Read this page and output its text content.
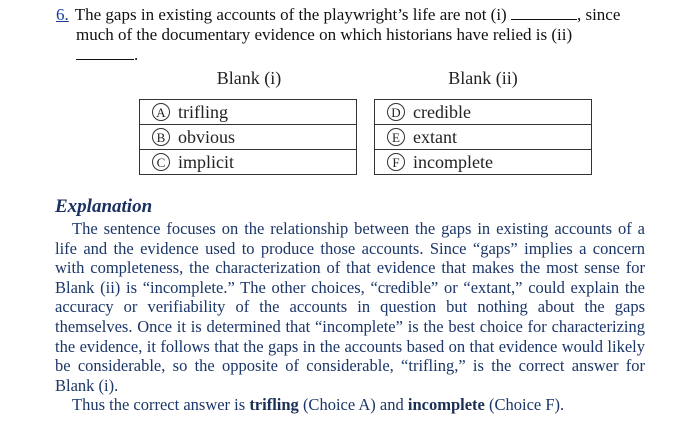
6. The gaps in existing accounts of the playwright’s life are not (i)	, since
much of the documentary evidence on which historians have relied is (ii)
.
Blank (i)	Blank (ii)
A trifling
B obvious
C implicit
D credible
E extant
F incomplete
Explanation

The sentence focuses on the relationship between the gaps in existing accounts of a life and the evidence used to produce those accounts. Since “gaps” implies a concern with completeness, the characterization of that evidence that makes the most sense for Blank (ii) is “incomplete.” The other choices, “credible” or “extant,” could explain the accuracy or verifiability of the accounts in question but nothing about the gaps themselves. Once it is determined that “incomplete” is the best choice for characterizing the evidence, it follows that the gaps in the accounts based on that evidence would likely be considerable, so the opposite of considerable, “trifling,” is the correct answer for Blank (i).

Thus the correct answer is trifling (Choice A) and incomplete (Choice F).
